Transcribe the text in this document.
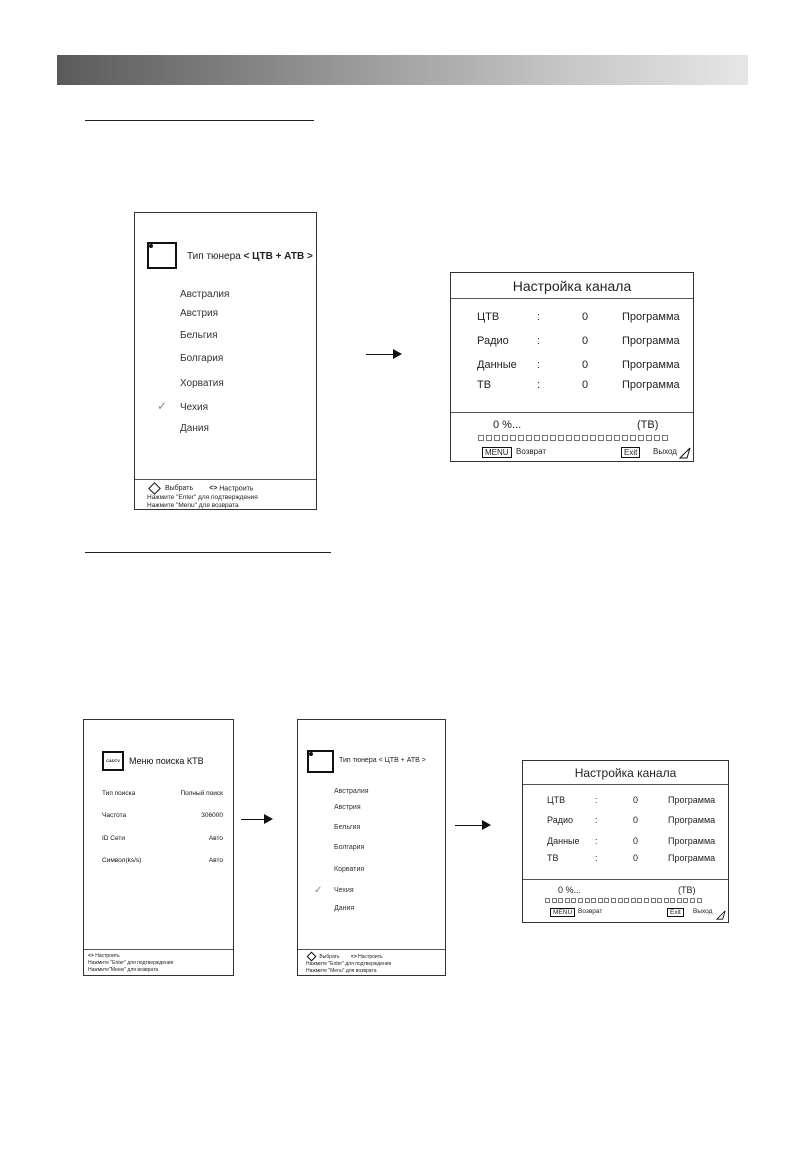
Тип тюнера < ЦТВ + АТВ >
Австралия
Австрия
Бельгия
Болгария
Хорватия
✓ Чехия
Дания
Выбрать <> Настроить
Нажмите "Enter" для подтверждения
Нажмите "Menu" для возврата
Настройка канала
ЦТВ	:	0	Программа
Радио	:	0	Программа
Данные :	0	Программа
ТВ	:	0	Программа
0 %...	(ТВ)
MENU Возврат	Exit	Выход
CADTV	Меню поиска КТВ
Тип поиска	Полный поиск
Частота	306000
ID Сети	Авто
Символ(ks/s)	Авто
<> Настроить
Нажмите "Enter" для подтверждения
Нажмите"Меню" для возврата
Тип тюнера < ЦТВ + АТВ >
Австралия
Австрия
Бельгия
Болгария
Корватия
✓ Чехия
Дания
Выбрать <> Настроить
Нажмите "Enter" для подтверждения
Нажмите "Menu" для возврата
Настройка канала
ЦТВ	:	0	Программа
Радио :	0	Программа
Данные :	0	Программа
ТВ	:	0	Программа
0 %...	(ТВ)
MENU Возврат	Exit	Выход
